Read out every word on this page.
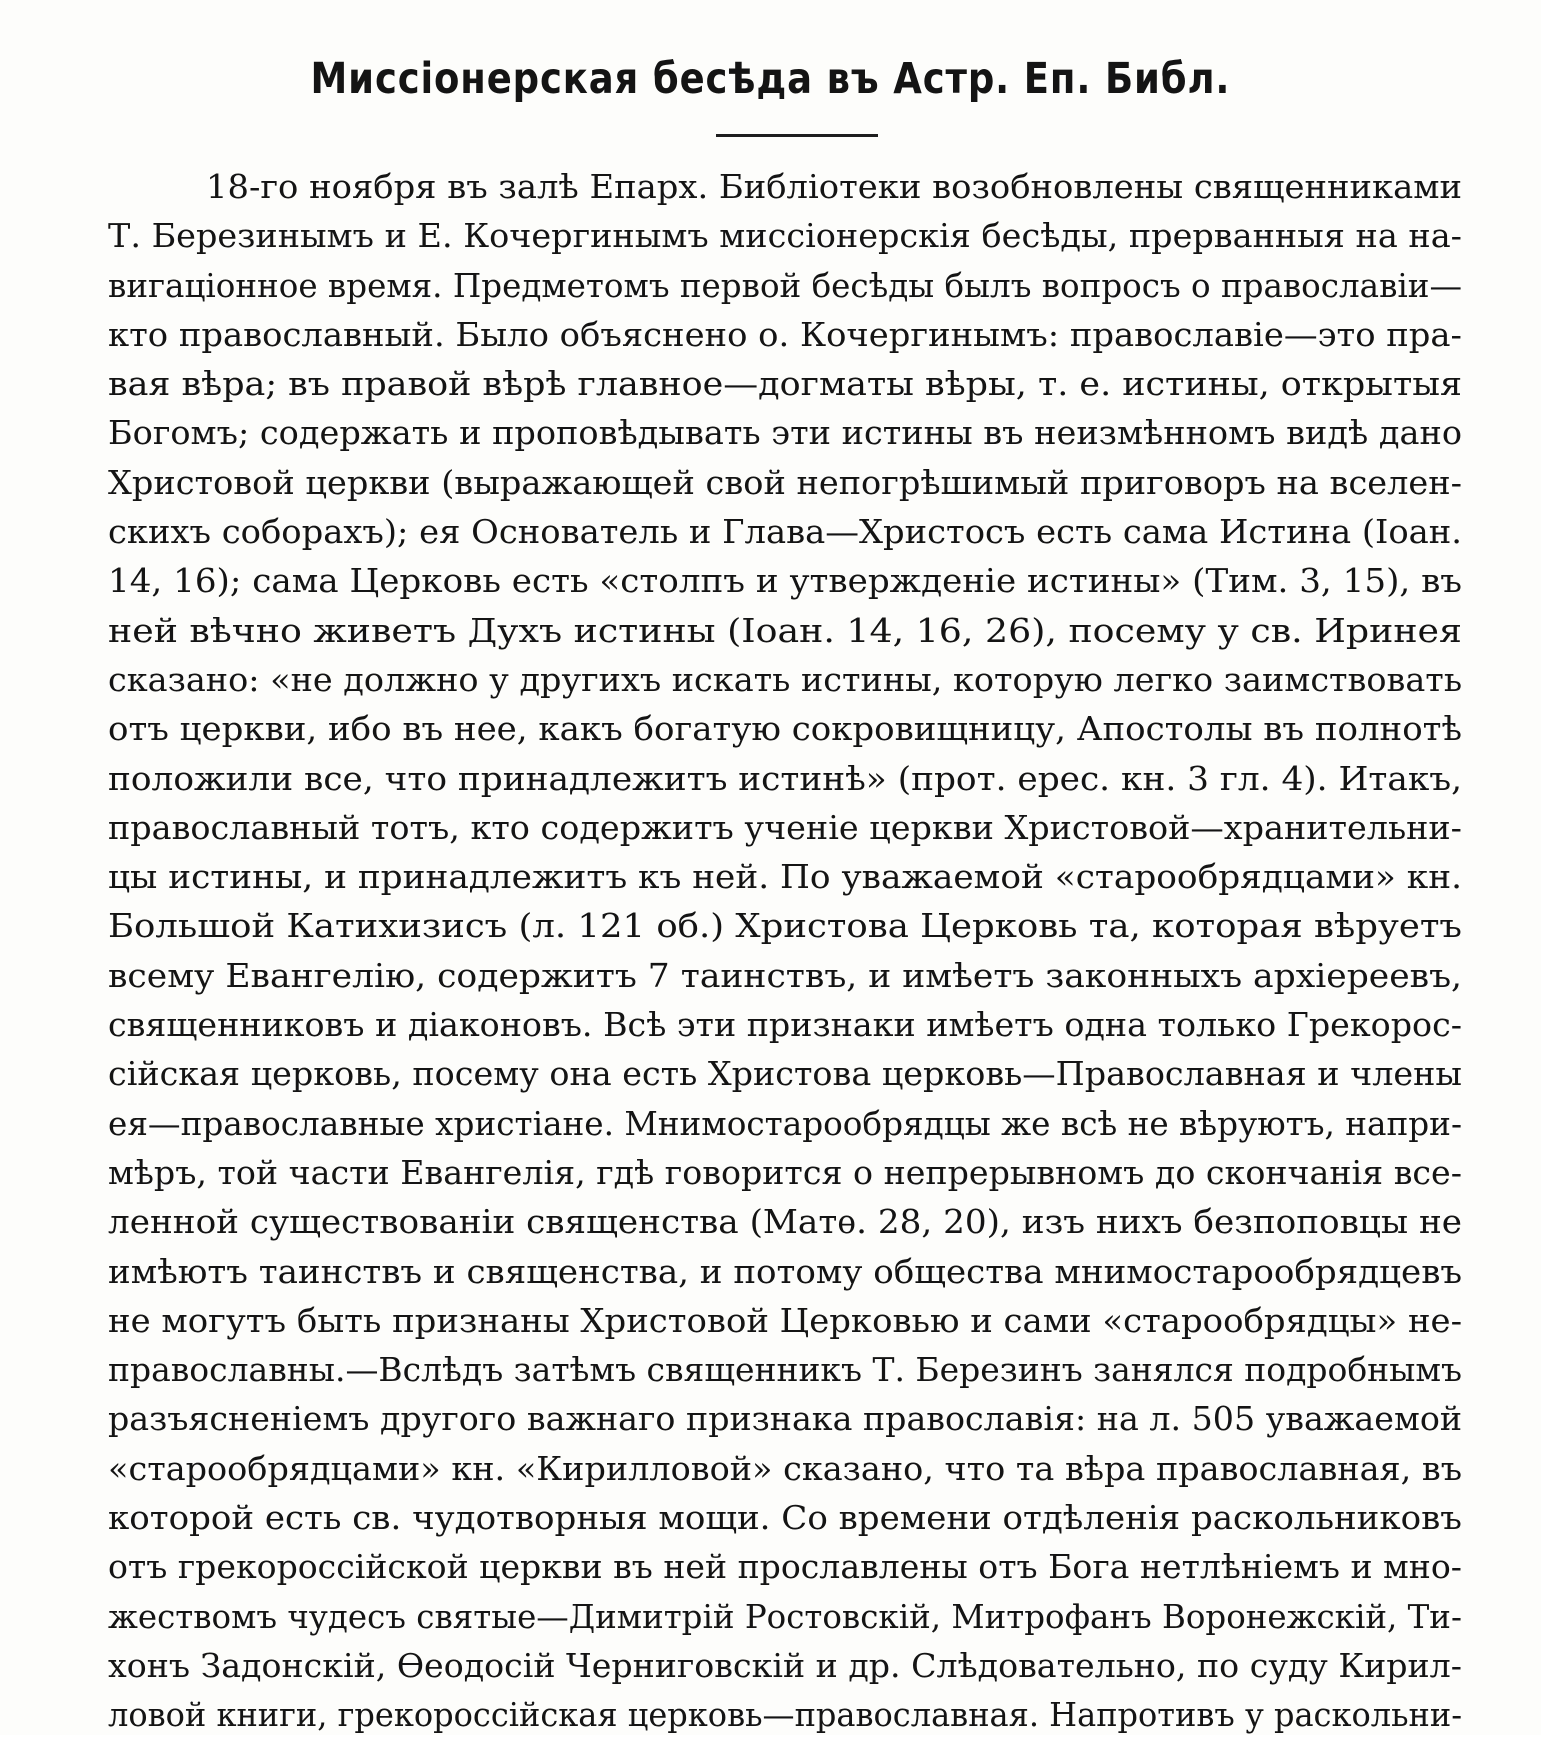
Миссiонерская бесѣда въ Астр. Еп. Библ.
18-го ноября въ залѣ Епарх. Библiотеки возобновлены священниками
Т. Березинымъ и Е. Кочергинымъ миссiонерскiя бесѣды, прерванныя на на-
вигацiонное время. Предметомъ первой бесѣды былъ вопросъ о православiи—
кто православный. Было объяснено о. Кочергинымъ: православiе—это пра-
вая вѣра; въ правой вѣрѣ главное—догматы вѣры, т. е. истины, открытыя
Богомъ; содержать и проповѣдывать эти истины въ неизмѣнномъ видѣ дано
Христовой церкви (выражающей свой непогрѣшимый приговоръ на вселен-
скихъ соборахъ); ея Основатель и Глава—Христосъ есть сама Истина (Iоан.
14, 16); сама Церковь есть «столпъ и утвержденiе истины» (Тим. 3, 15), въ
ней вѣчно живетъ Духъ истины (Iоан. 14, 16, 26), посему у св. Иринея
сказано: «не должно у другихъ искать истины, которую легко заимствовать
отъ церкви, ибо въ нее, какъ богатую сокровищницу, Апостолы въ полнотѣ
положили все, что принадлежитъ истинѣ» (прот. ерес. кн. 3 гл. 4). Итакъ,
православный тотъ, кто содержитъ ученiе церкви Христовой—хранительни-
цы истины, и принадлежитъ къ ней. По уважаемой «старообрядцами» кн.
Большой Катихизисъ (л. 121 об.) Христова Церковь та, которая вѣруетъ
всему Евангелiю, содержитъ 7 таинствъ, и имѣетъ законныхъ архiереевъ,
священниковъ и дiаконовъ. Всѣ эти признаки имѣетъ одна только Грекорос-
сiйская церковь, посему она есть Христова церковь—Православная и члены
ея—православные христiане. Мнимостарообрядцы же всѣ не вѣруютъ, напри-
мѣръ, той части Евангелiя, гдѣ говорится о непрерывномъ до скончанiя все-
ленной существованiи священства (Матѳ. 28, 20), изъ нихъ безпоповцы не
имѣютъ таинствъ и священства, и потому общества мнимостарообрядцевъ
не могутъ быть признаны Христовой Церковью и сами «старообрядцы» не-
православны.—Вслѣдъ затѣмъ священникъ Т. Березинъ занялся подробнымъ
разъясненiемъ другого важнаго признака православiя: на л. 505 уважаемой
«старообрядцами» кн. «Кирилловой» сказано, что та вѣра православная, въ
которой есть св. чудотворныя мощи. Со времени отдѣленiя раскольниковъ
отъ грекороссiйской церкви въ ней прославлены отъ Бога нетлѣнiемъ и мно-
жествомъ чудесъ святые—Димитрiй Ростовскiй, Митрофанъ Воронежскiй, Ти-
хонъ Задонскiй, Ѳеодосiй Черниговскiй и др. Слѣдовательно, по суду Кирил-
ловой книги, грекороссiйская церковь—православная. Напротивъ у раскольни-
